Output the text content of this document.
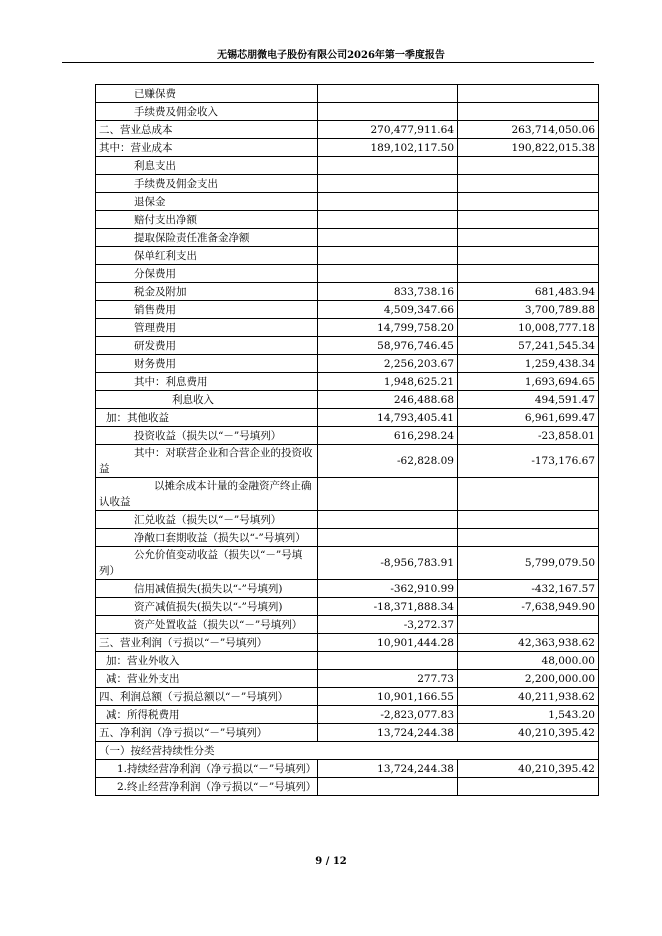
无锡芯朋微电子股份有限公司2026年第一季度报告
已赚保费		
手续费及佣金收入		
二、营业总成本	270,477,911.64	263,714,050.06
其中：营业成本	189,102,117.50	190,822,015.38
利息支出		
手续费及佣金支出		
退保金		
赔付支出净额		
提取保险责任准备金净额		
保单红利支出		
分保费用		
税金及附加	833,738.16	681,483.94
销售费用	4,509,347.66	3,700,789.88
管理费用	14,799,758.20	10,008,777.18
研发费用	58,976,746.45	57,241,545.34
财务费用	2,256,203.67	1,259,438.34
其中：利息费用	1,948,625.21	1,693,694.65
利息收入	246,488.68	494,591.47
加：其他收益	14,793,405.41	6,961,699.47
投资收益（损失以“－”号填列）	616,298.24	-23,858.01
其中：对联营企业和合营企业的投资收益	-62,828.09	-173,176.67
以摊余成本计量的金融资产终止确认收益		
汇兑收益（损失以“－”号填列）		
净敞口套期收益（损失以“-”号填列）		
公允价值变动收益（损失以“－”号填列）	-8,956,783.91	5,799,079.50
信用减值损失(损失以“-”号填列)	-362,910.99	-432,167.57
资产减值损失(损失以“-”号填列)	-18,371,888.34	-7,638,949.90
资产处置收益（损失以“－”号填列）	-3,272.37	
三、营业利润（亏损以“－”号填列）	10,901,444.28	42,363,938.62
加：营业外收入		48,000.00
减：营业外支出	277.73	2,200,000.00
四、利润总额（亏损总额以“－”号填列）	10,901,166.55	40,211,938.62
减：所得税费用	-2,823,077.83	1,543.20
五、净利润（净亏损以“－”号填列）	13,724,244.38	40,210,395.42
（一）按经营持续性分类		
1.持续经营净利润（净亏损以“－”号填列）	13,724,244.38	40,210,395.42
2.终止经营净利润（净亏损以“－”号填列）		
9 / 12
